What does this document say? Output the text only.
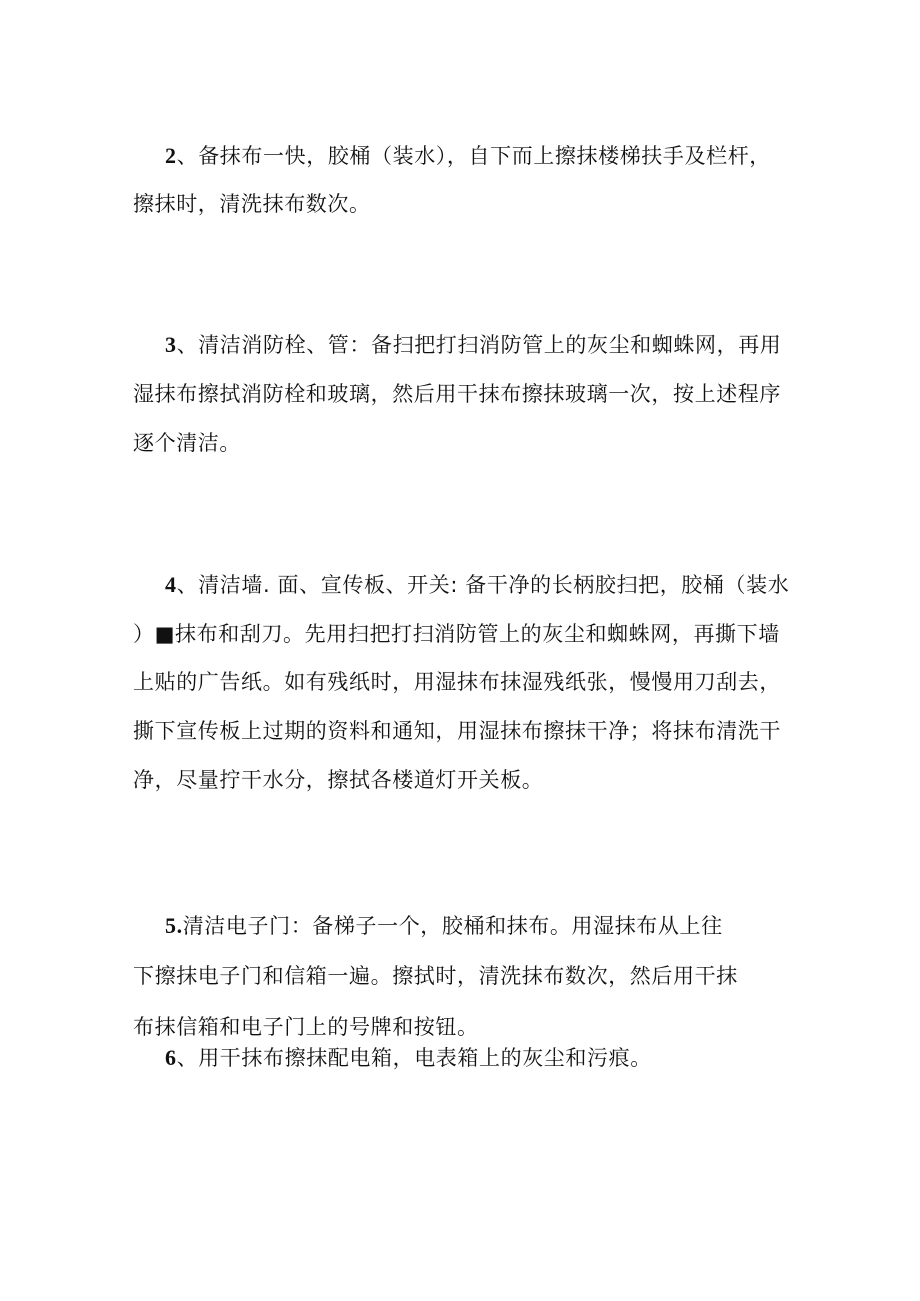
2、备抹布一快，胶桶（装水），自下而上擦抹楼梯扶手及栏杆，
擦抹时，清洗抹布数次。
3、清洁消防栓、管：备扫把打扫消防管上的灰尘和蜘蛛网，再用
湿抹布擦拭消防栓和玻璃，然后用干抹布擦抹玻璃一次，按上述程序
逐个清洁。
4、清洁墙. 面、宣传板、开关: 备干净的长柄胶扫把，胶桶（装水
）■抹布和刮刀。先用扫把打扫消防管上的灰尘和蜘蛛网，再撕下墙
上贴的广告纸。如有残纸时，用湿抹布抹湿残纸张，慢慢用刀刮去，
撕下宣传板上过期的资料和通知，用湿抹布擦抹干净；将抹布清洗干
净，尽量拧干水分，擦拭各楼道灯开关板。
5.清洁电子门：备梯子一个，胶桶和抹布。用湿抹布从上往
下擦抹电子门和信箱一遍。擦拭时，清洗抹布数次，然后用干抹
布抹信箱和电子门上的号牌和按钮。
6、用干抹布擦抹配电箱，电表箱上的灰尘和污痕。
